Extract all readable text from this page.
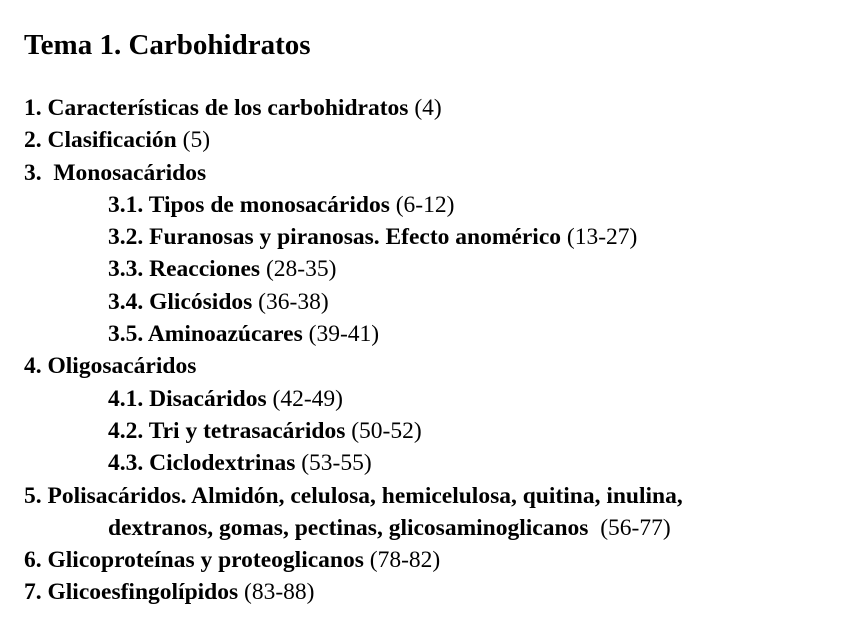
Tema 1. Carbohidratos
1. Características de los carbohidratos (4)
2. Clasificación (5)
3.  Monosacáridos
3.1. Tipos de monosacáridos (6-12)
3.2. Furanosas y piranosas. Efecto anomérico (13-27)
3.3. Reacciones (28-35)
3.4. Glicósidos (36-38)
3.5. Aminoazúcares (39-41)
4. Oligosacáridos
4.1. Disacáridos (42-49)
4.2. Tri y tetrasacáridos (50-52)
4.3. Ciclodextrinas (53-55)
5. Polisacáridos. Almidón, celulosa, hemicelulosa, quitina, inulina,
dextranos, gomas, pectinas, glicosaminoglicanos (56-77)
6. Glicoproteínas y proteoglicanos (78-82)
7. Glicoesfingolípidos (83-88)
